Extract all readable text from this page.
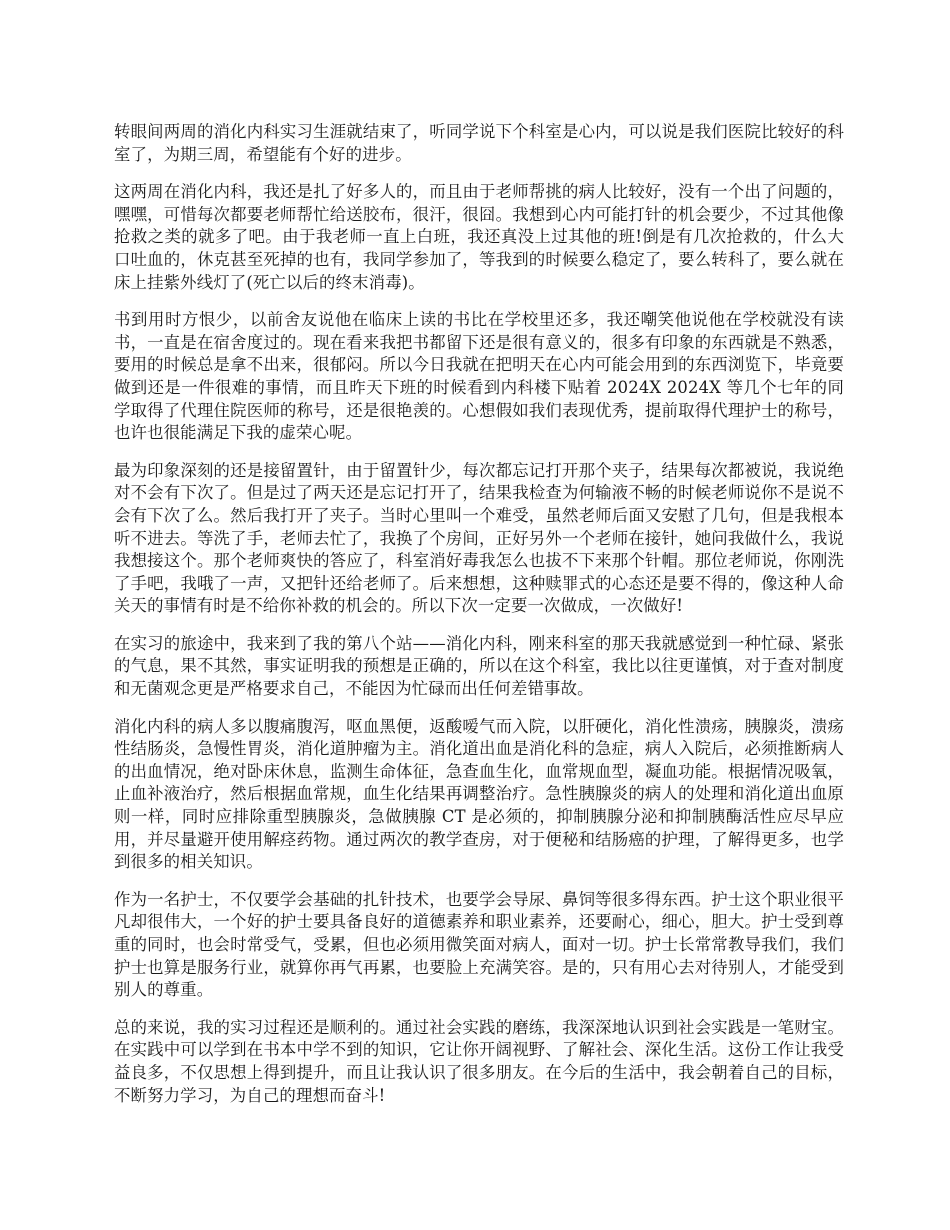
转眼间两周的消化内科实习生涯就结束了，听同学说下个科室是心内，可以说是我们医院比较好的科室了，为期三周，希望能有个好的进步。

这两周在消化内科，我还是扎了好多人的，而且由于老师帮挑的病人比较好，没有一个出了问题的，嘿嘿，可惜每次都要老师帮忙给送胶布，很汗，很囧。我想到心内可能打针的机会要少，不过其他像抢救之类的就多了吧。由于我老师一直上白班，我还真没上过其他的班!倒是有几次抢救的，什么大口吐血的，休克甚至死掉的也有，我同学参加了，等我到的时候要么稳定了，要么转科了，要么就在床上挂紫外线灯了(死亡以后的终末消毒)。

书到用时方恨少，以前舍友说他在临床上读的书比在学校里还多，我还嘲笑他说他在学校就没有读书，一直是在宿舍度过的。现在看来我把书都留下还是很有意义的，很多有印象的东西就是不熟悉，要用的时候总是拿不出来，很郁闷。所以今日我就在把明天在心内可能会用到的东西浏览下，毕竟要做到还是一件很难的事情，而且昨天下班的时候看到内科楼下贴着 2024X 2024X 等几个七年的同学取得了代理住院医师的称号，还是很艳羡的。心想假如我们表现优秀，提前取得代理护士的称号，也许也很能满足下我的虚荣心呢。

最为印象深刻的还是接留置针，由于留置针少，每次都忘记打开那个夹子，结果每次都被说，我说绝对不会有下次了。但是过了两天还是忘记打开了，结果我检查为何输液不畅的时候老师说你不是说不会有下次了么。然后我打开了夹子。当时心里叫一个难受，虽然老师后面又安慰了几句，但是我根本听不进去。等洗了手，老师去忙了，我换了个房间，正好另外一个老师在接针，她问我做什么，我说我想接这个。那个老师爽快的答应了，科室消好毒我怎么也拔不下来那个针帽。那位老师说，你刚洗了手吧，我哦了一声，又把针还给老师了。后来想想，这种赎罪式的心态还是要不得的，像这种人命关天的事情有时是不给你补救的机会的。所以下次一定要一次做成，一次做好!

在实习的旅途中，我来到了我的第八个站——消化内科，刚来科室的那天我就感觉到一种忙碌、紧张的气息，果不其然，事实证明我的预想是正确的，所以在这个科室，我比以往更谨慎，对于查对制度和无菌观念更是严格要求自己，不能因为忙碌而出任何差错事故。

消化内科的病人多以腹痛腹泻，呕血黑便，返酸嗳气而入院，以肝硬化，消化性溃疡，胰腺炎，溃疡性结肠炎，急慢性胃炎，消化道肿瘤为主。消化道出血是消化科的急症，病人入院后，必须推断病人的出血情况，绝对卧床休息，监测生命体征，急查血生化，血常规血型，凝血功能。根据情况吸氧，止血补液治疗，然后根据血常规，血生化结果再调整治疗。急性胰腺炎的病人的处理和消化道出血原则一样，同时应排除重型胰腺炎，急做胰腺 CT 是必须的，抑制胰腺分泌和抑制胰酶活性应尽早应用，并尽量避开使用解痉药物。通过两次的教学查房，对于便秘和结肠癌的护理，了解得更多，也学到很多的相关知识。

作为一名护士，不仅要学会基础的扎针技术，也要学会导尿、鼻饲等很多得东西。护士这个职业很平凡却很伟大，一个好的护士要具备良好的道德素养和职业素养，还要耐心，细心，胆大。护士受到尊重的同时，也会时常受气，受累，但也必须用微笑面对病人，面对一切。护士长常常教导我们，我们护士也算是服务行业，就算你再气再累，也要脸上充满笑容。是的，只有用心去对待别人，才能受到别人的尊重。

总的来说，我的实习过程还是顺利的。通过社会实践的磨练，我深深地认识到社会实践是一笔财宝。在实践中可以学到在书本中学不到的知识，它让你开阔视野、了解社会、深化生活。这份工作让我受益良多，不仅思想上得到提升，而且让我认识了很多朋友。在今后的生活中，我会朝着自己的目标，不断努力学习，为自己的理想而奋斗!
